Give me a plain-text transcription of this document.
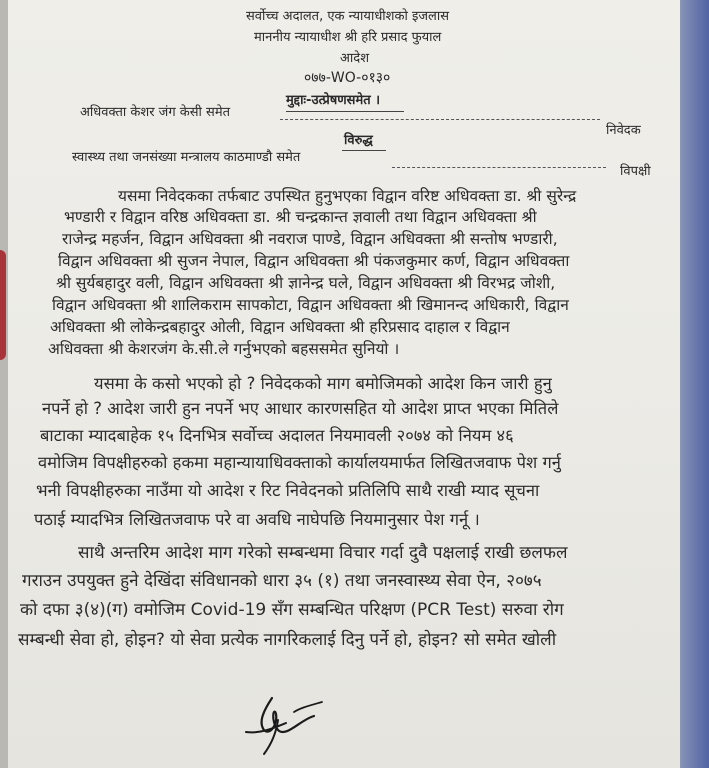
सर्वोच्च अदालत, एक न्यायाधीशको इजलास
माननीय न्यायाधीश श्री हरि प्रसाद फुयाल
आदेश
०७७-WO-०१३०
मुद्दाः-उत्प्रेषणसमेत ।
अधिवक्ता केशर जंग केसी समेत
निवेदक
विरुद्ध
स्वास्थ्य तथा जनसंख्या मन्त्रालय काठमाण्डौ समेत
विपक्षी
यसमा निवेदकका तर्फबाट उपस्थित हुनुभएका विद्वान वरिष्ट अधिवक्ता डा. श्री सुरेन्द्र
भण्डारी र विद्वान वरिष्ठ अधिवक्ता डा. श्री चन्द्रकान्त ज्ञवाली तथा विद्वान अधिवक्ता श्री
राजेन्द्र महर्जन, विद्वान अधिवक्ता श्री नवराज पाण्डे, विद्वान अधिवक्ता श्री सन्तोष भण्डारी,
विद्वान अधिवक्ता श्री सुजन नेपाल, विद्वान अधिवक्ता श्री पंकजकुमार कर्ण, विद्वान अधिवक्ता
श्री सुर्यबहादुर वली, विद्वान अधिवक्ता श्री ज्ञानेन्द्र घले, विद्वान अधिवक्ता श्री विरभद्र जोशी,
विद्वान अधिवक्ता श्री शालिकराम सापकोटा, विद्वान अधिवक्ता श्री खिमानन्द अधिकारी, विद्वान
अधिवक्ता श्री लोकेन्द्रबहादुर ओली, विद्वान अधिवक्ता श्री हरिप्रसाद दाहाल र विद्वान
अधिवक्ता श्री केशरजंग के.सी.ले गर्नुभएको बहससमेत सुनियो ।
यसमा के कसो भएको हो ? निवेदकको माग बमोजिमको आदेश किन जारी हुनु
नपर्ने हो ? आदेश जारी हुन नपर्ने भए आधार कारणसहित यो आदेश प्राप्त भएका मितिले
बाटाका म्यादबाहेक १५ दिनभित्र सर्वोच्च अदालत नियमावली २०७४ को नियम ४६
वमोजिम विपक्षीहरुको हकमा महान्यायाधिवक्ताको कार्यालयमार्फत लिखितजवाफ पेश गर्नु
भनी विपक्षीहरुका नाउँमा यो आदेश र रिट निवेदनको प्रतिलिपि साथै राखी म्याद सूचना
पठाई म्यादभित्र लिखितजवाफ परे वा अवधि नाघेपछि नियमानुसार पेश गर्नू ।
साथै अन्तरिम आदेश माग गरेको सम्बन्धमा विचार गर्दा दुवै पक्षलाई राखी छलफल
गराउन उपयुक्त हुने देखिंदा संविधानको धारा ३५ (१) तथा जनस्वास्थ्य सेवा ऐन, २०७५
को दफा ३(४)(ग) वमोजिम Covid-19 सँग सम्बन्धित परिक्षण (PCR Test) सरुवा रोग
सम्बन्धी सेवा हो, होइन? यो सेवा प्रत्येक नागरिकलाई दिनु पर्ने हो, होइन? सो समेत खोली
